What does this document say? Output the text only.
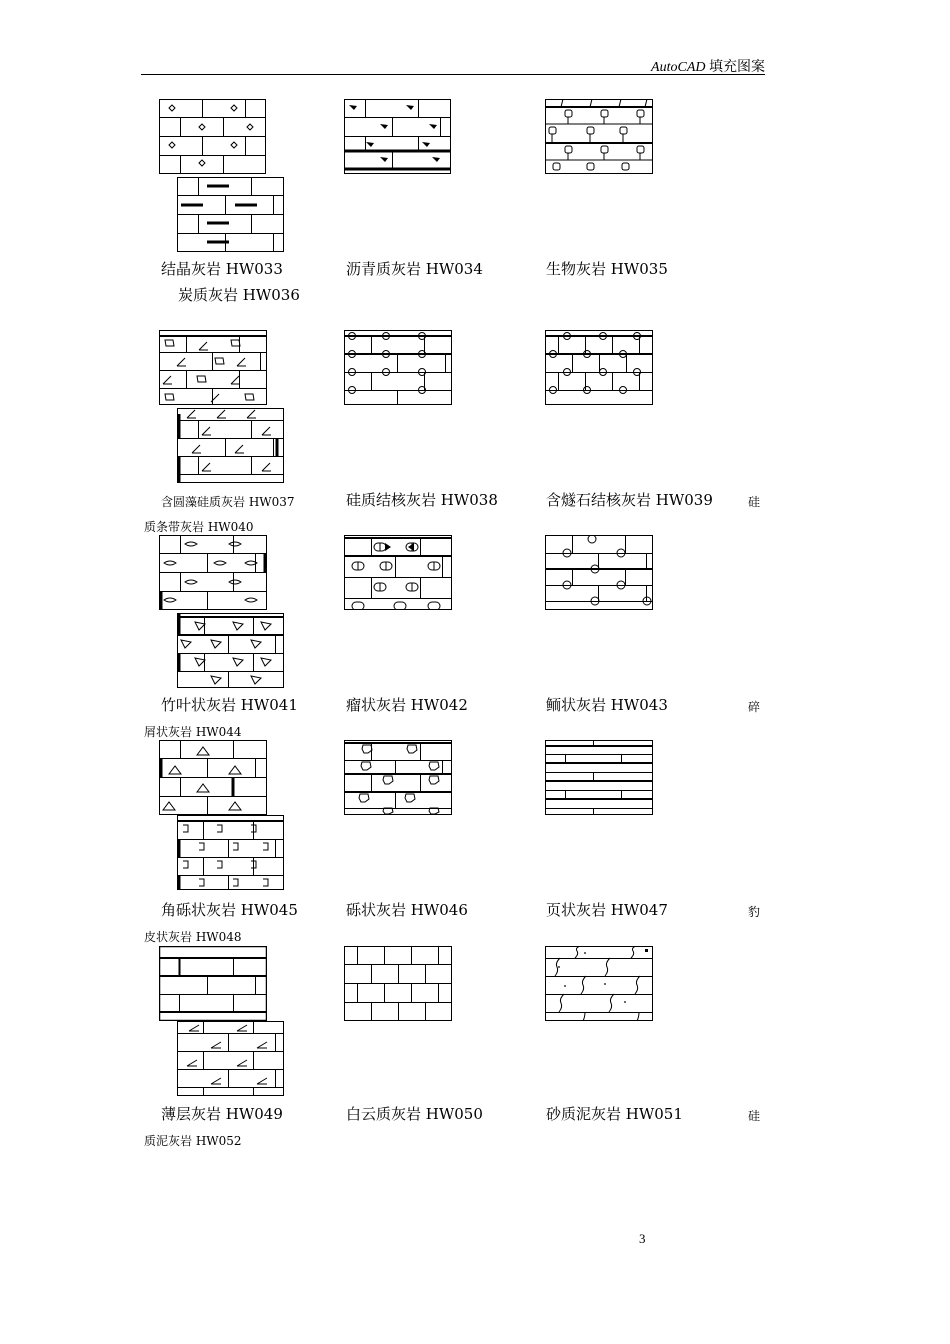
AutoCAD 填充图案
结晶灰岩 HW033	沥青质灰岩 HW034	生物灰岩 HW035
炭质灰岩 HW036
含圆藻硅质灰岩 HW037	硅质结核灰岩 HW038	含燧石结核灰岩 HW039	硅
质条带灰岩 HW040
竹叶状灰岩 HW041	瘤状灰岩 HW042	鲕状灰岩 HW043	碎
屑状灰岩 HW044
角砾状灰岩 HW045	砾状灰岩 HW046	页状灰岩 HW047	豹
皮状灰岩 HW048
薄层灰岩 HW049	白云质灰岩 HW050	砂质泥灰岩 HW051	硅
质泥灰岩 HW052
3
